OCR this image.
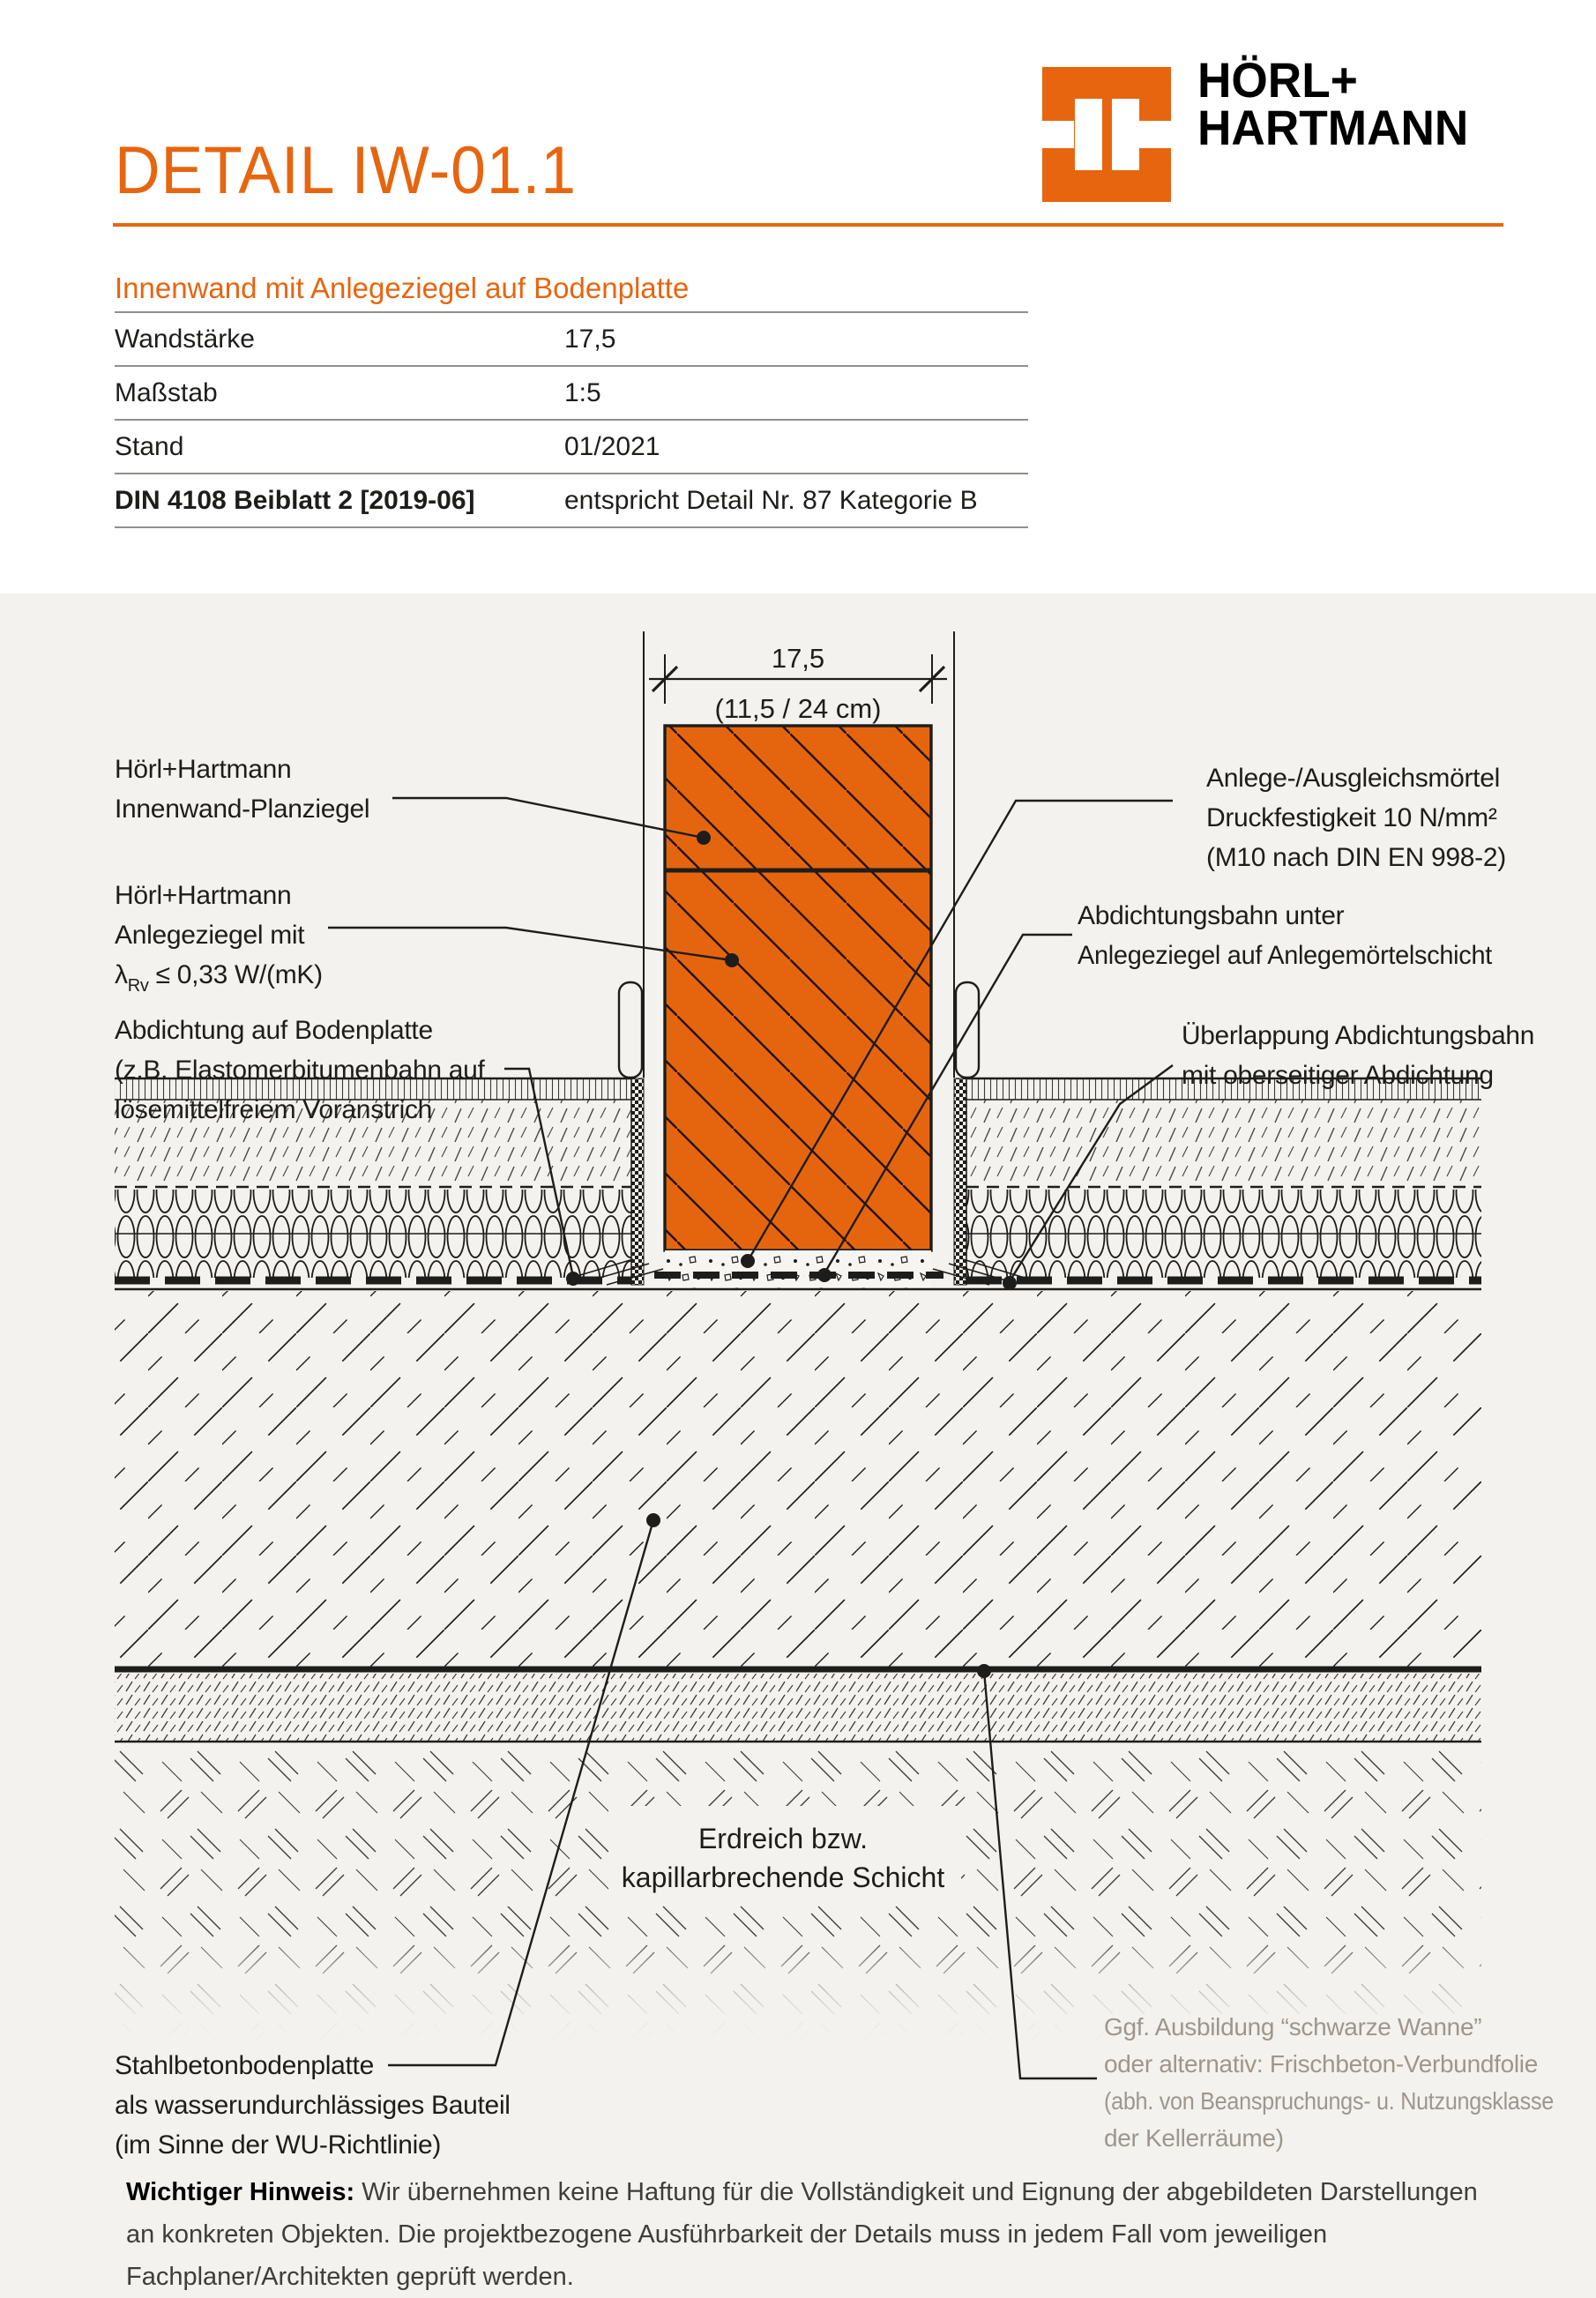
DETAIL IW-01.1
HÖRL+
HARTMANN
Innenwand mit Anlegeziegel auf Bodenplatte
Wandstärke	17,5
Maßstab	1:5
Stand	01/2021
DIN 4108 Beiblatt 2 [2019-06]	entspricht Detail Nr. 87 Kategorie B
17,5
(11,5 / 24 cm)
Erdreich bzw.
kapillarbrechende Schicht
Hörl+Hartmann
Innenwand-Planziegel
Hörl+Hartmann
Anlegeziegel mit
$\lambda_{Rv} \le 0,33$ W/(mK)
Abdichtung auf Bodenplatte
(z.B. Elastomerbitumenbahn auf
lösemittelfreiem Voranstrich
Anlege-/Ausgleichsmörtel
Druckfestigkeit 10 N/mm²
(M10 nach DIN EN 998-2)
Abdichtungsbahn unter
Anlegeziegel auf Anlegemörtelschicht
Überlappung Abdichtungsbahn
mit oberseitiger Abdichtung
Stahlbetonbodenplatte
als wasserundurchlässiges Bauteil
(im Sinne der WU-Richtlinie)
Ggf. Ausbildung “schwarze Wanne”
oder alternativ: Frischbeton-Verbundfolie
(abh. von Beanspruchungs- u. Nutzungsklasse
der Kellerräume)
Wichtiger Hinweis: Wir übernehmen keine Haftung für die Vollständigkeit und Eignung der abgebildeten Darstellungen an konkreten Objekten. Die projektbezogene Ausführbarkeit der Details muss in jedem Fall vom jeweiligen Fachplaner/Architekten geprüft werden.
